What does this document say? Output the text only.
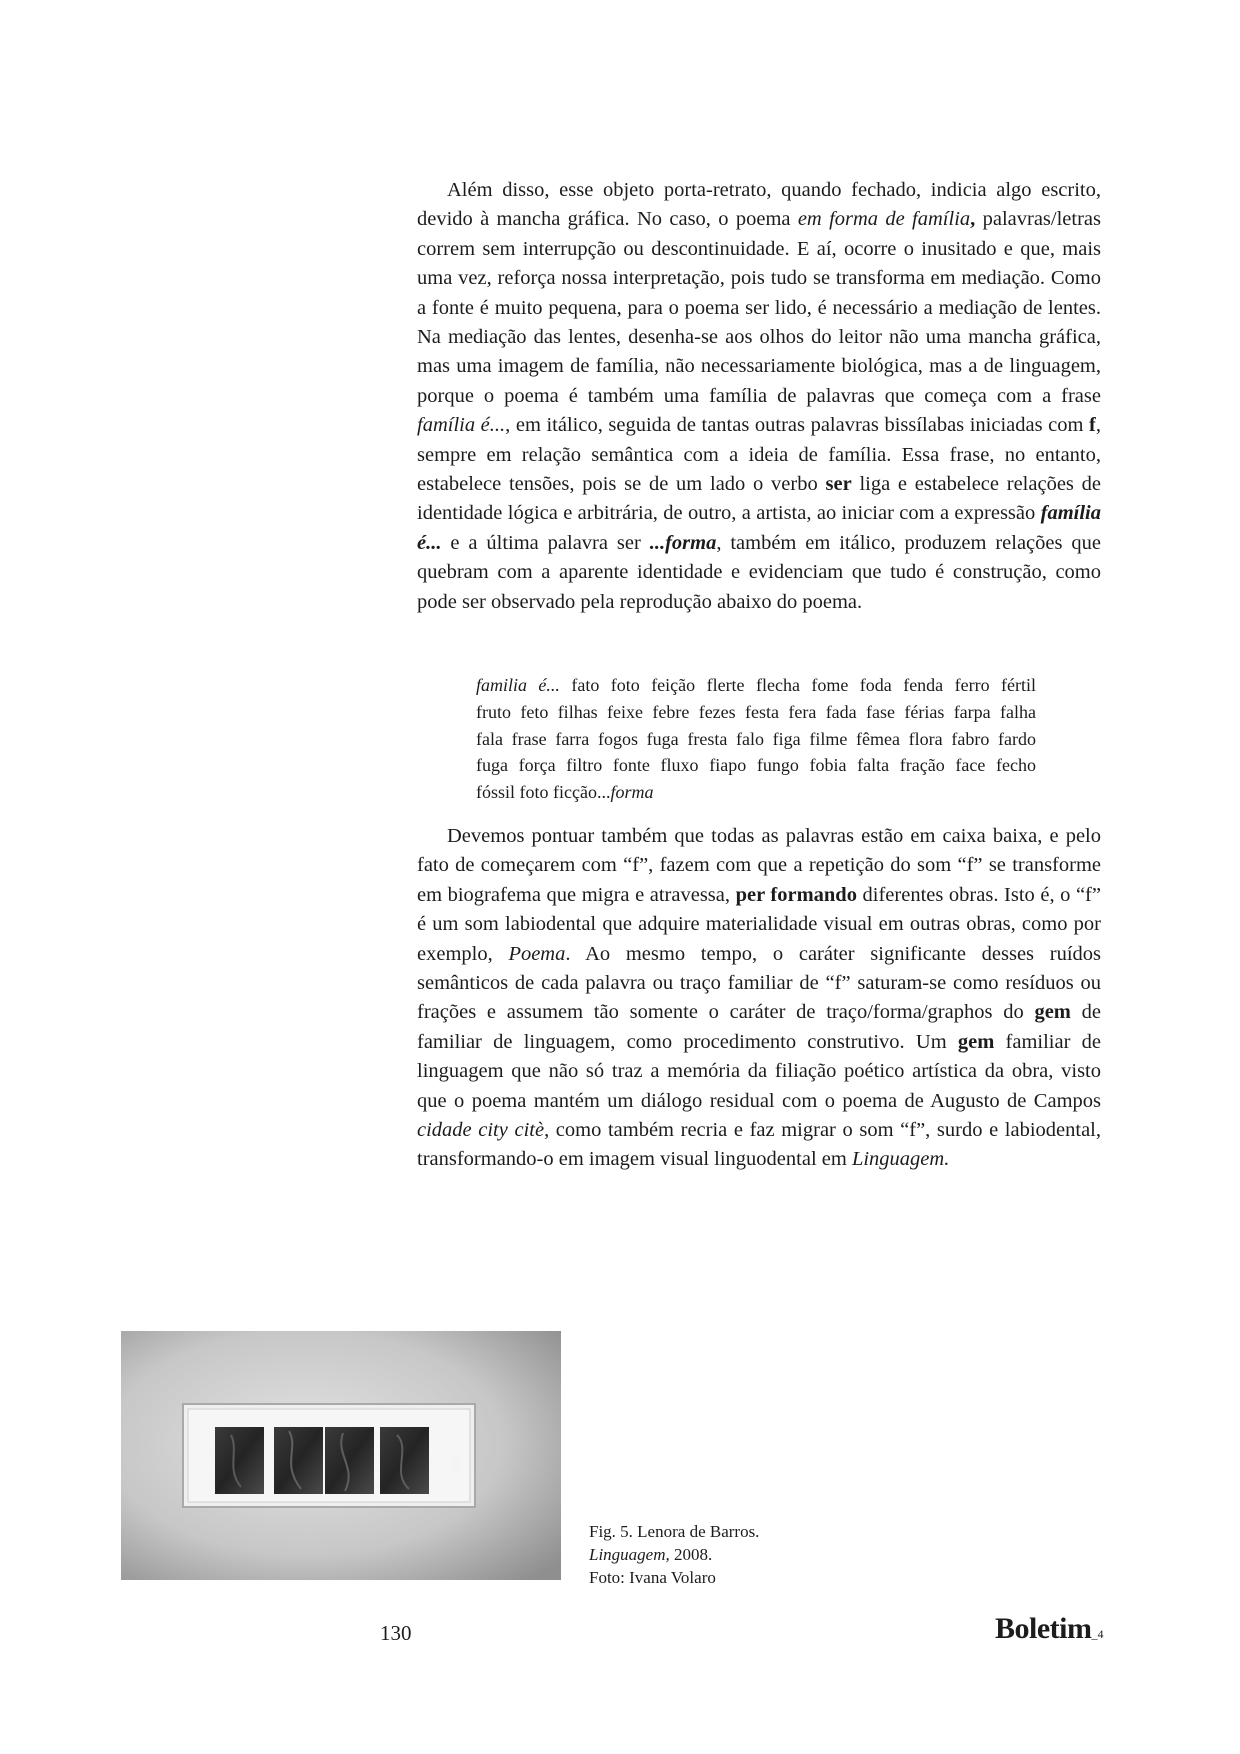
Além disso, esse objeto porta-retrato, quando fechado, indicia algo escrito, devido à mancha gráfica. No caso, o poema em forma de família, palavras/letras correm sem interrupção ou descontinuidade. E aí, ocorre o inusitado e que, mais uma vez, reforça nossa interpretação, pois tudo se transforma em mediação. Como a fonte é muito pequena, para o poema ser lido, é necessário a mediação de lentes. Na mediação das lentes, desenha-se aos olhos do leitor não uma mancha gráfica, mas uma imagem de família, não necessariamente biológica, mas a de linguagem, porque o poema é também uma família de palavras que começa com a frase família é..., em itálico, seguida de tantas outras palavras bissílabas iniciadas com f, sempre em relação semântica com a ideia de família. Essa frase, no entanto, estabelece tensões, pois se de um lado o verbo ser liga e estabelece relações de identidade lógica e arbitrária, de outro, a artista, ao iniciar com a expressão família é... e a última palavra ser ...forma, também em itálico, produzem relações que quebram com a aparente identidade e evidenciam que tudo é construção, como pode ser observado pela reprodução abaixo do poema.

familia é... fato foto feição flerte flecha fome foda fenda ferro fértil
fruto feto filhas feixe febre fezes festa fera fada fase férias farpa falha
fala frase farra fogos fuga fresta falo figa filme fêmea flora fabro fardo
fuga força filtro fonte fluxo fiapo fungo fobia falta fração face fecho
fóssil foto ficção...forma

Devemos pontuar também que todas as palavras estão em caixa baixa, e pelo fato de começarem com “f”, fazem com que a repetição do som “f” se transforme em biografema que migra e atravessa, per formando diferentes obras. Isto é, o “f” é um som labiodental que adquire materialidade visual em outras obras, como por exemplo, Poema. Ao mesmo tempo, o caráter significante desses ruídos semânticos de cada palavra ou traço familiar de “f” saturam-se como resíduos ou frações e assumem tão somente o caráter de traço/forma/graphos do gem de familiar de linguagem, como procedimento construtivo. Um gem familiar de linguagem que não só traz a memória da filiação poético artística da obra, visto que o poema mantém um diálogo residual com o poema de Augusto de Campos cidade city citè, como também recria e faz migrar o som “f”, surdo e labiodental, transformando-o em imagem visual linguodental em Linguagem.

Fig. 5. Lenora de Barros.
Linguagem, 2008.
Foto: Ivana Volaro
130	Boletim_4
